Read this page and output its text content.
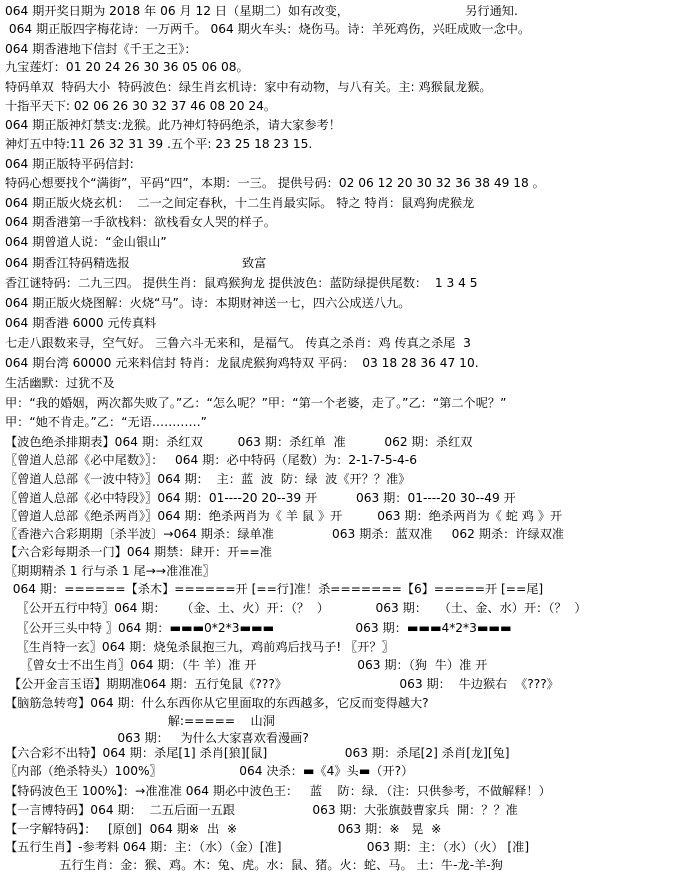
064 期开奖日期为 2018 年 06 月 12 日（星期二）如有改变，                              另行通知.
064 期正版四字梅花诗：一万两千。 064 期火车头：烧伤马。诗：羊死鸡伤，兴旺成败一念中。
064 期香港地下信封《千王之王》：
九宝莲灯：01 20 24 26 30 36 05 06 08。
特码单双  特码大小  特码波色：绿生肖玄机诗：家中有动物，与八有关。主: 鸡猴鼠龙猴。
十指平天下: 02 06 26 30 32 37 46 08 20 24。
064 期正版神灯禁支:龙猴。此乃神灯特码绝杀，请大家参考！
神灯五中特:11 26 32 31 39 .五个平: 23 25 18 23 15.
064 期正版特平码信封:
特码心想要找个“满街”，平码“四”，本期：一三。 提供号码：02 06 12 20 30 32 36 38 49 18 。
064 期正版火烧玄机：  二一之间定春秋，十二生肖最实际。 特之 特肖：鼠鸡狗虎猴龙
064 期香港第一手欲栈料：欲栈看女人哭的样子。
064 期曾道人说：“金山银山”
064 期香江特码精选报                             致富
香江谜特码：二九三四。 提供生肖：鼠鸡猴狗龙 提供波色：蓝防绿提供尾数：  1 3 4 5
064 期正版火烧图解：火烧“马”。诗：本期财神送一七，四六公成送八九。
064 期香港 6000 元传真料
七走八跟数来寻，空气好。 三鲁六斗无来和，是福气。 传真之杀肖：鸡 传真之杀尾  3
064 期台湾 60000 元来料信封 特肖：龙鼠虎猴狗鸡特双 平码：  03 18 28 36 47 10.
生活幽默：过犹不及
甲：“我的婚姻，两次都失败了。”乙：“怎么呢？”甲：“第一个老婆，走了。”乙：“第二个呢？”
甲：“她不肯走。”乙：“无语…………”
【波色绝杀排期表】064 期：杀红双         063 期：杀红单  准          062 期：杀红双
〖曾道人总部《必中尾数》〗：   064 期：必中特码（尾数）为：2-1-7-5-4-6
〖曾道人总部《一波中特》〗064 期：  主：蓝  波  防：绿  波《开？？准》
〖曾道人总部《必中特段》〗064 期：01----20 20--39 开          063 期：01----20 30--49 开
〖曾道人总部《绝杀两肖》〗064 期：绝杀两肖为《 羊 鼠 》开         063 期：绝杀两肖为《 蛇 鸡 》开
〖香港六合彩期期〔杀半波〕→064 期杀：绿单准               063 期杀：蓝双准     062 期杀：许绿双准
【六合彩每期杀一门】064 期禁：肆开：开==准
〖期期精杀 1 行与杀 1 尾→→准准准〗
064 期：======【杀木】======开 [==行]准！杀=======【6】=====开 [==尾]
〖公开五行中特〗064 期：    （金、土、火）开：（？  ）            063 期：   （土、金、水）开：（？  ）
〖公开三头中特 〗064 期：▬▬▬0*2*3▬▬▬                     063 期：▬▬▬4*2*3▬▬▬
〖生肖特一玄〗064 期：烧兔杀鼠抱三九，鸡前鸡后找马子! 〖开？〗
〖曾女士不出生肖〗064 期：（牛 羊）准 开                          063 期：（狗  牛）准 开
【公开金言玉语】期期准064 期：五行兔鼠《???》                             063 期：  牛边猴右  《???》
【脑筋急转弯】064 期：什么东西你从它里面取的东西越多，它反而变得越大?
解:=====    山洞
063 期：   为什么大家喜欢看漫画?
【六合彩不出特】064 期：杀尾[1] 杀肖[狼][鼠]                    063 期：杀尾[2] 杀肖[龙][兔]
〖内部（绝杀特头）100%〗                    064 决杀：▬《4》头▬（开?）
【特码波色王 100%】：→准准准 064 期必中波色王：   蓝    防：绿．（注：只供参考，不做解释！）
【一言博特码】064 期：  二五后面一五跟                    063 期：大张旗鼓曹家兵  開：？？准
【一字解特码】：   [原创]  064 期※  出  ※                          063 期：※   晃  ※
【五行生肖】-参考料 064 期：主：（水）（金）[准]                      063 期：主：（水）（火） [准]
五行生肖：金：猴、鸡。木：兔、虎。水：鼠、猪。火：蛇、马。 土：牛-龙-羊-狗
